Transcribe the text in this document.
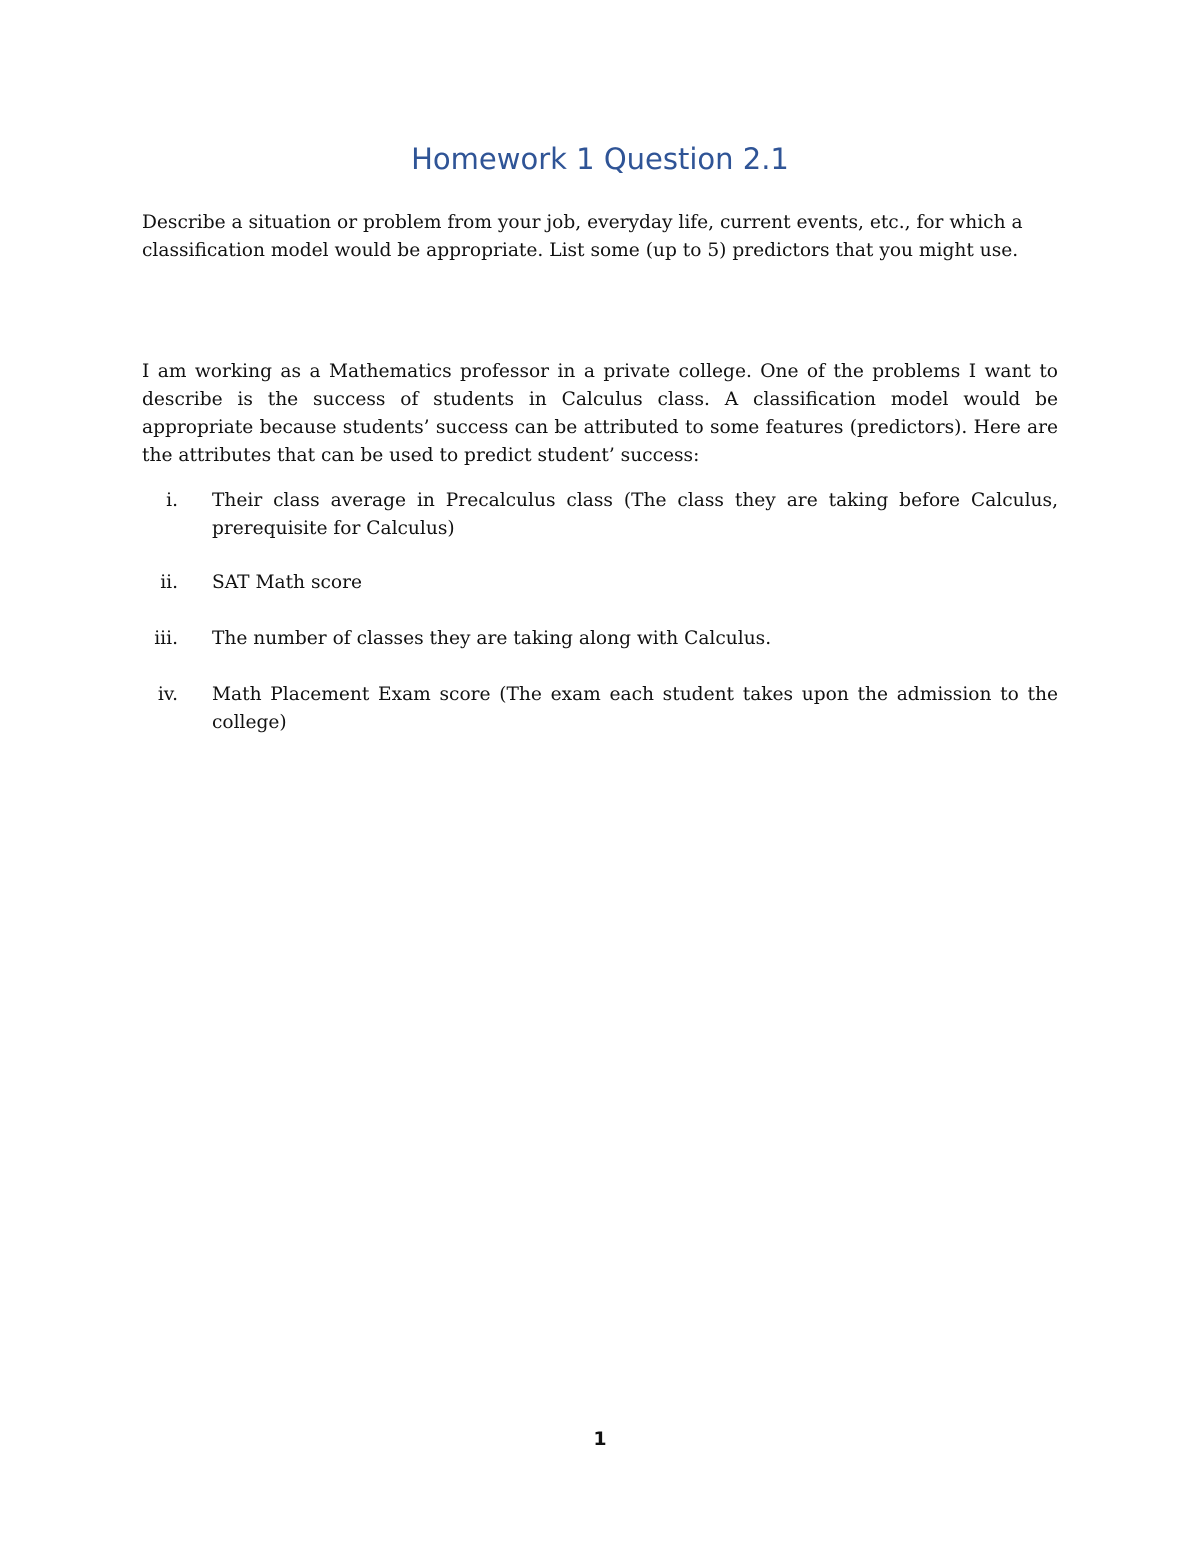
Homework 1 Question 2.1

Describe a situation or problem from your job, everyday life, current events, etc., for which a classification model would be appropriate. List some (up to 5) predictors that you might use.

I am working as a Mathematics professor in a private college. One of the problems I want to describe is the success of students in Calculus class. A classification model would be appropriate because students’ success can be attributed to some features (predictors). Here are the attributes that can be used to predict student’ success:

i. Their class average in Precalculus class (The class they are taking before Calculus, prerequisite for Calculus)
ii. SAT Math score
iii. The number of classes they are taking along with Calculus.
iv. Math Placement Exam score (The exam each student takes upon the admission to the college)
1
